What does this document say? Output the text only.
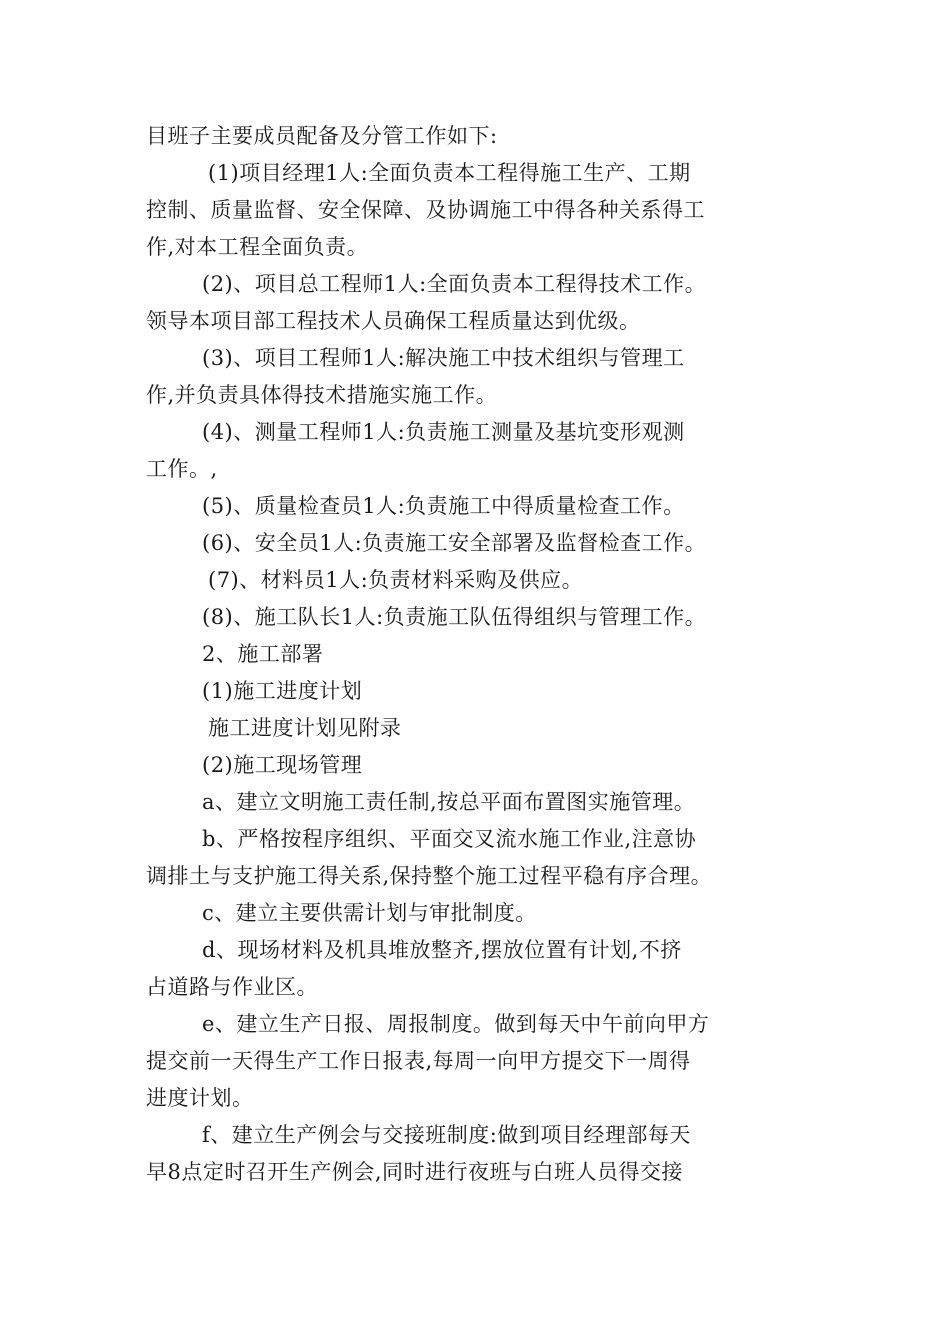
目班子主要成员配备及分管工作如下:

(1)项目经理1人:全面负责本工程得施工生产、工期

控制、质量监督、安全保障、及协调施工中得各种关系得工

作,对本工程全面负责。

(2)、项目总工程师1人:全面负责本工程得技术工作。

领导本项目部工程技术人员确保工程质量达到优级。

(3)、项目工程师1人:解决施工中技术组织与管理工

作,并负责具体得技术措施实施工作。

(4)、测量工程师1人:负责施工测量及基坑变形观测

工作。,

(5)、质量检查员1人:负责施工中得质量检查工作。

(6)、安全员1人:负责施工安全部署及监督检查工作。

(7)、材料员1人:负责材料采购及供应。

(8)、施工队长1人:负责施工队伍得组织与管理工作。

2、施工部署

(1)施工进度计划

施工进度计划见附录

(2)施工现场管理

a、建立文明施工责任制,按总平面布置图实施管理。

b、严格按程序组织、平面交叉流水施工作业,注意协

调排土与支护施工得关系,保持整个施工过程平稳有序合理。

c、建立主要供需计划与审批制度。

d、现场材料及机具堆放整齐,摆放位置有计划,不挤

占道路与作业区。

e、建立生产日报、周报制度。做到每天中午前向甲方

提交前一天得生产工作日报表,每周一向甲方提交下一周得

进度计划。

f、建立生产例会与交接班制度:做到项目经理部每天

早8点定时召开生产例会,同时进行夜班与白班人员得交接
